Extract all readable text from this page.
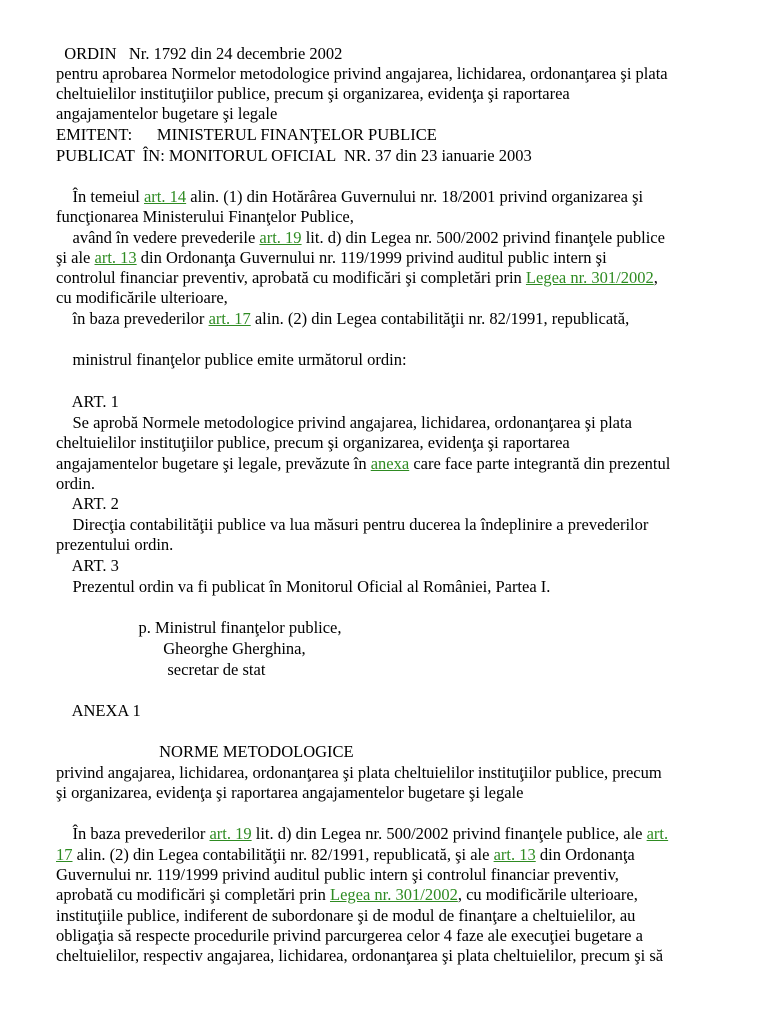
ORDIN   Nr. 1792 din 24 decembrie 2002
pentru aprobarea Normelor metodologice privind angajarea, lichidarea, ordonanţarea şi plata
cheltuielilor instituţiilor publice, precum şi organizarea, evidenţa şi raportarea
angajamentelor bugetare şi legale
EMITENT:      MINISTERUL FINANŢELOR PUBLICE
PUBLICAT  ÎN: MONITORUL OFICIAL  NR. 37 din 23 ianuarie 2003
În temeiul art. 14 alin. (1) din Hotărârea Guvernului nr. 18/2001 privind organizarea şi
funcţionarea Ministerului Finanţelor Publice,
având în vedere prevederile art. 19 lit. d) din Legea nr. 500/2002 privind finanţele publice
şi ale art. 13 din Ordonanţa Guvernului nr. 119/1999 privind auditul public intern şi
controlul financiar preventiv, aprobată cu modificări şi completări prin Legea nr. 301/2002,
cu modificările ulterioare,
în baza prevederilor art. 17 alin. (2) din Legea contabilităţii nr. 82/1991, republicată,
ministrul finanţelor publice emite următorul ordin:
ART. 1
Se aprobă Normele metodologice privind angajarea, lichidarea, ordonanţarea şi plata
cheltuielilor instituţiilor publice, precum şi organizarea, evidenţa şi raportarea
angajamentelor bugetare şi legale, prevăzute în anexa care face parte integrantă din prezentul
ordin.
ART. 2
Direcţia contabilităţii publice va lua măsuri pentru ducerea la îndeplinire a prevederilor
prezentului ordin.
ART. 3
Prezentul ordin va fi publicat în Monitorul Oficial al României, Partea I.
p. Ministrul finanţelor publice,
Gheorghe Gherghina,
secretar de stat
ANEXA 1
NORME METODOLOGICE
privind angajarea, lichidarea, ordonanţarea şi plata cheltuielilor instituţiilor publice, precum
şi organizarea, evidenţa şi raportarea angajamentelor bugetare şi legale
În baza prevederilor art. 19 lit. d) din Legea nr. 500/2002 privind finanţele publice, ale art.
17 alin. (2) din Legea contabilităţii nr. 82/1991, republicată, şi ale art. 13 din Ordonanţa
Guvernului nr. 119/1999 privind auditul public intern şi controlul financiar preventiv,
aprobată cu modificări şi completări prin Legea nr. 301/2002, cu modificările ulterioare,
instituţiile publice, indiferent de subordonare şi de modul de finanţare a cheltuielilor, au
obligaţia să respecte procedurile privind parcurgerea celor 4 faze ale execuţiei bugetare a
cheltuielilor, respectiv angajarea, lichidarea, ordonanţarea şi plata cheltuielilor, precum şi să
